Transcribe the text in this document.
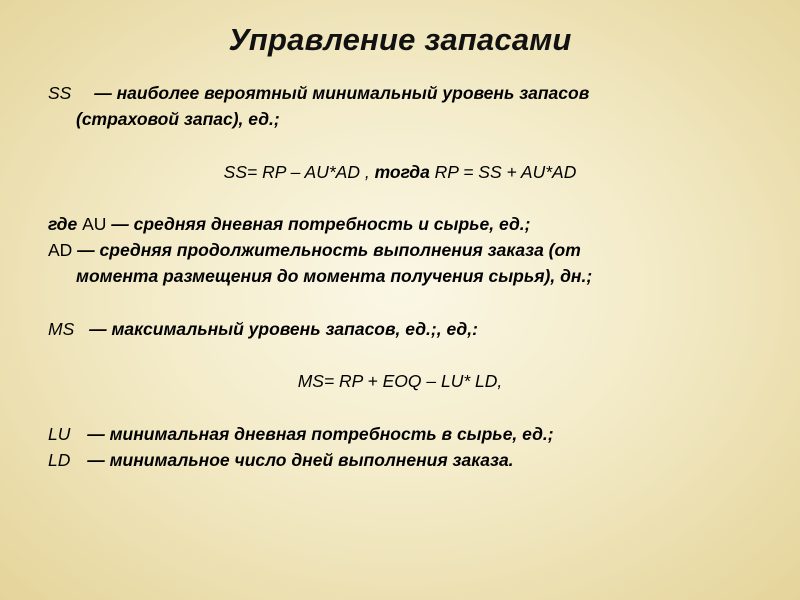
Управление запасами
SS — наиболее вероятный минимальный уровень запасов
(страховой запас), ед.;
SS= RP – AU*AD , тогда RP = SS + AU*AD
где AU — средняя дневная потребность и сырье, ед.;
AD — средняя продолжительность выполнения заказа (от
момента размещения до момента получения сырья), дн.;
MS — максимальный уровень запасов, ед.;, ед,:
MS= RP + EOQ – LU* LD,
LU — минимальная дневная потребность в сырье, ед.;
LD — минимальное число дней выполнения заказа.
